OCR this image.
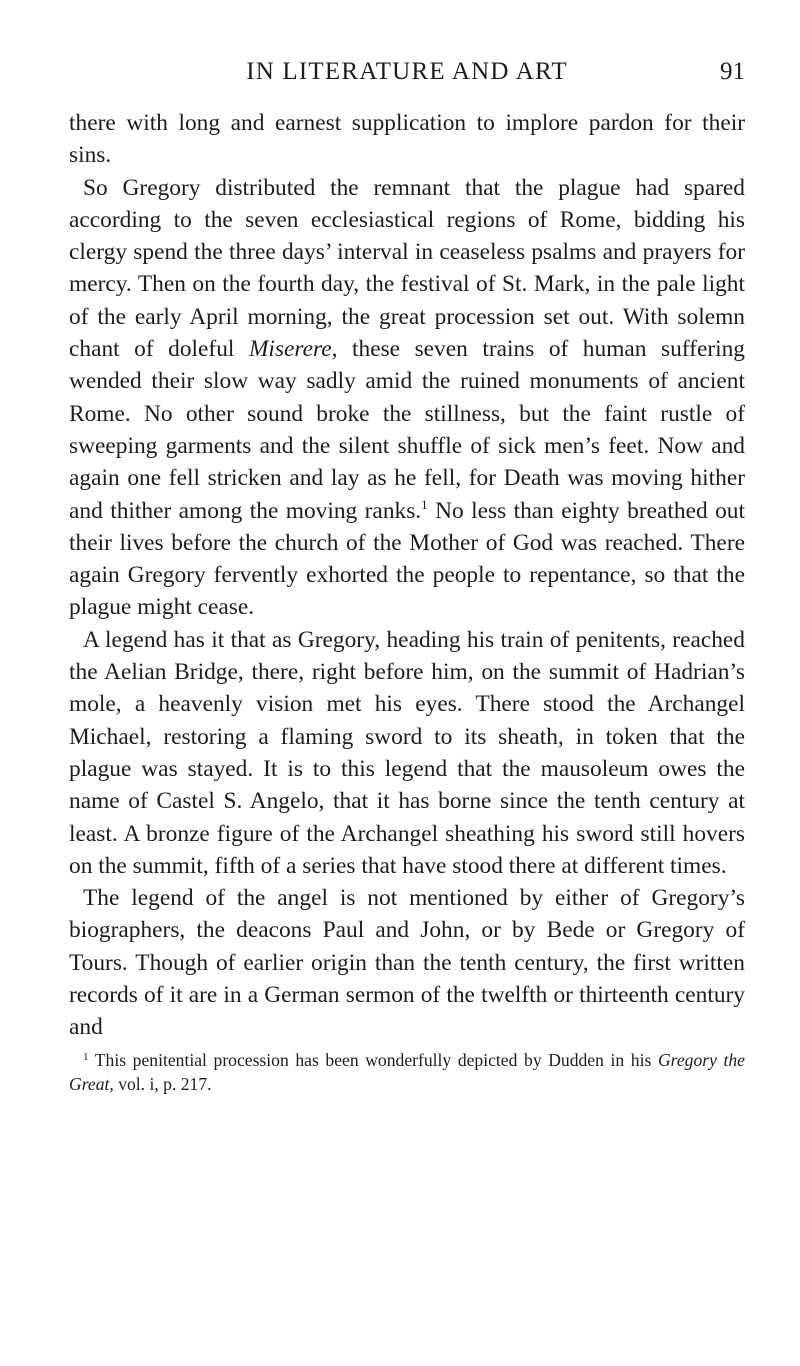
IN LITERATURE AND ART	91

there with long and earnest supplication to implore pardon for their sins.

So Gregory distributed the remnant that the plague had spared according to the seven ecclesiastical regions of Rome, bidding his clergy spend the three days’ interval in ceaseless psalms and prayers for mercy. Then on the fourth day, the festival of St. Mark, in the pale light of the early April morning, the great procession set out. With solemn chant of doleful Miserere, these seven trains of human suffering wended their slow way sadly amid the ruined monuments of ancient Rome. No other sound broke the stillness, but the faint rustle of sweeping garments and the silent shuffle of sick men’s feet. Now and again one fell stricken and lay as he fell, for Death was moving hither and thither among the moving ranks.$^1$ No less than eighty breathed out their lives before the church of the Mother of God was reached. There again Gregory fervently exhorted the people to repentance, so that the plague might cease.

A legend has it that as Gregory, heading his train of penitents, reached the Aelian Bridge, there, right before him, on the summit of Hadrian’s mole, a heavenly vision met his eyes. There stood the Archangel Michael, restoring a flaming sword to its sheath, in token that the plague was stayed. It is to this legend that the mausoleum owes the name of Castel S. Angelo, that it has borne since the tenth century at least. A bronze figure of the Archangel sheathing his sword still hovers on the summit, fifth of a series that have stood there at different times.

The legend of the angel is not mentioned by either of Gregory’s biographers, the deacons Paul and John, or by Bede or Gregory of Tours. Though of earlier origin than the tenth century, the first written records of it are in a German sermon of the twelfth or thirteenth century and

$^1$ This penitential procession has been wonderfully depicted by Dudden in his Gregory the Great, vol. i, p. 217.
